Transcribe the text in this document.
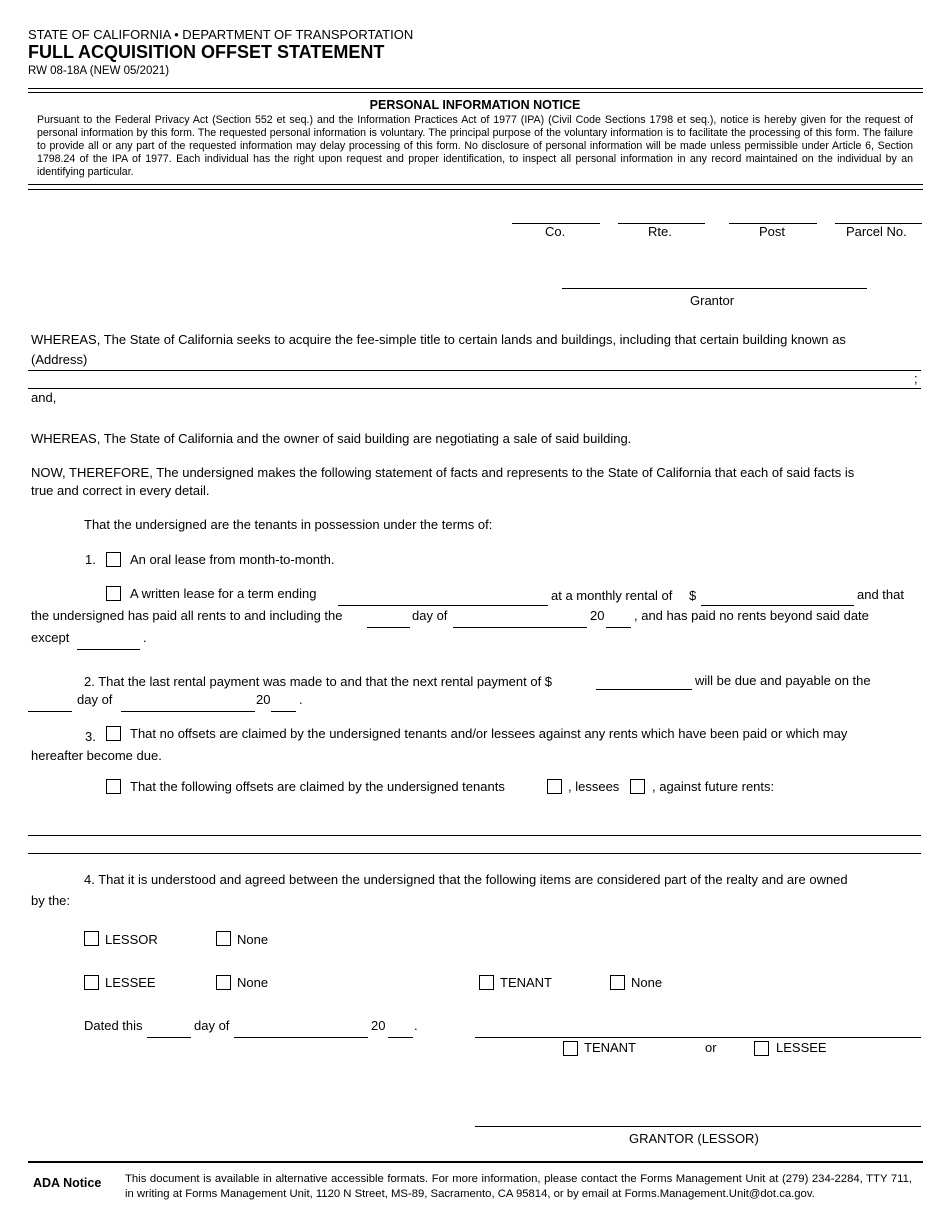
STATE OF CALIFORNIA • DEPARTMENT OF TRANSPORTATION
FULL ACQUISITION OFFSET STATEMENT
RW 08-18A (NEW 05/2021)
PERSONAL INFORMATION NOTICE
Pursuant to the Federal Privacy Act (Section 552 et seq.) and the Information Practices Act of 1977 (IPA) (Civil Code Sections 1798 et seq.), notice is hereby given for the request of personal information by this form. The requested personal information is voluntary. The principal purpose of the voluntary information is to facilitate the processing of this form. The failure to provide all or any part of the requested information may delay processing of this form. No disclosure of personal information will be made unless permissible under Article 6, Section 1798.24 of the IPA of 1977. Each individual has the right upon request and proper identification, to inspect all personal information in any record maintained on the individual by an identifying particular.
Co.	Rte.	Post	Parcel No.
Grantor
WHEREAS, The State of California seeks to acquire the fee-simple title to certain lands and buildings, including that certain building known as
(Address)
;
and,
WHEREAS, The State of California and the owner of said building are negotiating a sale of said building.
NOW, THEREFORE, The undersigned makes the following statement of facts and represents to the State of California that each of said facts is
true and correct in every detail.
That the undersigned are the tenants in possession under the terms of:
1.	An oral lease from month-to-month.
A written lease for a term ending	at a monthly rental of $	and that
the undersigned has paid all rents to and including the	day of	20 , and has paid no rents beyond said date
except	.
2. That the last rental payment was made to and that the next rental payment of $	will be due and payable on the
day of	20 .
3.	That no offsets are claimed by the undersigned tenants and/or lessees against any rents which have been paid or which may
hereafter become due.
That the following offsets are claimed by the undersigned tenants	, lessees	, against future rents:
4. That it is understood and agreed between the undersigned that the following items are considered part of the realty and are owned
by the:
LESSOR	None
LESSEE	None	TENANT	None
Dated this	day of	20 .
TENANT	or	LESSEE
GRANTOR (LESSOR)
ADA Notice This document is available in alternative accessible formats. For more information, please contact the Forms Management Unit at (279) 234-2284, TTY 711, in writing at Forms Management Unit, 1120 N Street, MS-89, Sacramento, CA 95814, or by email at Forms.Management.Unit@dot.ca.gov.
